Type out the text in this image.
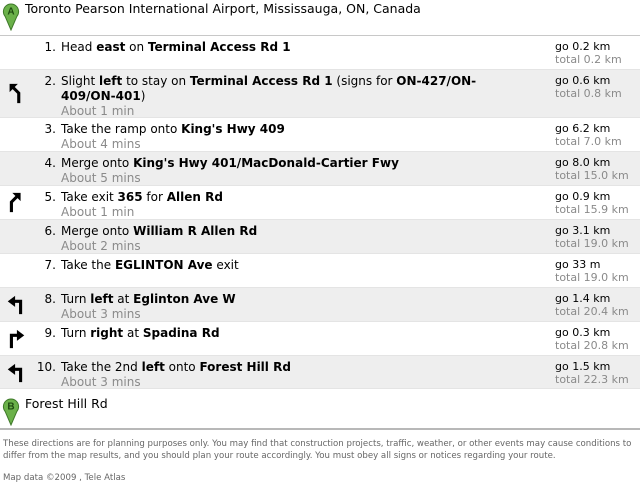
A Toronto Pearson International Airport, Mississauga, ON, Canada
1. Head east on Terminal Access Rd 1	go 0.2 km
total 0.2 km
2. Slight left to stay on Terminal Access Rd 1 (signs for ON-427/ON-409/ON-401)
About 1 min
go 0.6 km
total 0.8 km
3. Take the ramp onto King's Hwy 409
About 4 mins
go 6.2 km
total 7.0 km
4. Merge onto King's Hwy 401/MacDonald-Cartier Fwy
About 5 mins
go 8.0 km
total 15.0 km
5. Take exit 365 for Allen Rd
About 1 min
go 0.9 km
total 15.9 km
6. Merge onto William R Allen Rd
About 2 mins
go 3.1 km
total 19.0 km
7. Take the EGLINTON Ave exit	go 33 m
total 19.0 km
8. Turn left at Eglinton Ave W
About 3 mins
go 1.4 km
total 20.4 km
9. Turn right at Spadina Rd	go 0.3 km
total 20.8 km
10. Take the 2nd left onto Forest Hill Rd
About 3 mins
go 1.5 km
total 22.3 km
B Forest Hill Rd
These directions are for planning purposes only. You may find that construction projects, traffic, weather, or other events may cause conditions to differ from the map results, and you should plan your route accordingly. You must obey all signs or notices regarding your route.
Map data ©2009 , Tele Atlas
